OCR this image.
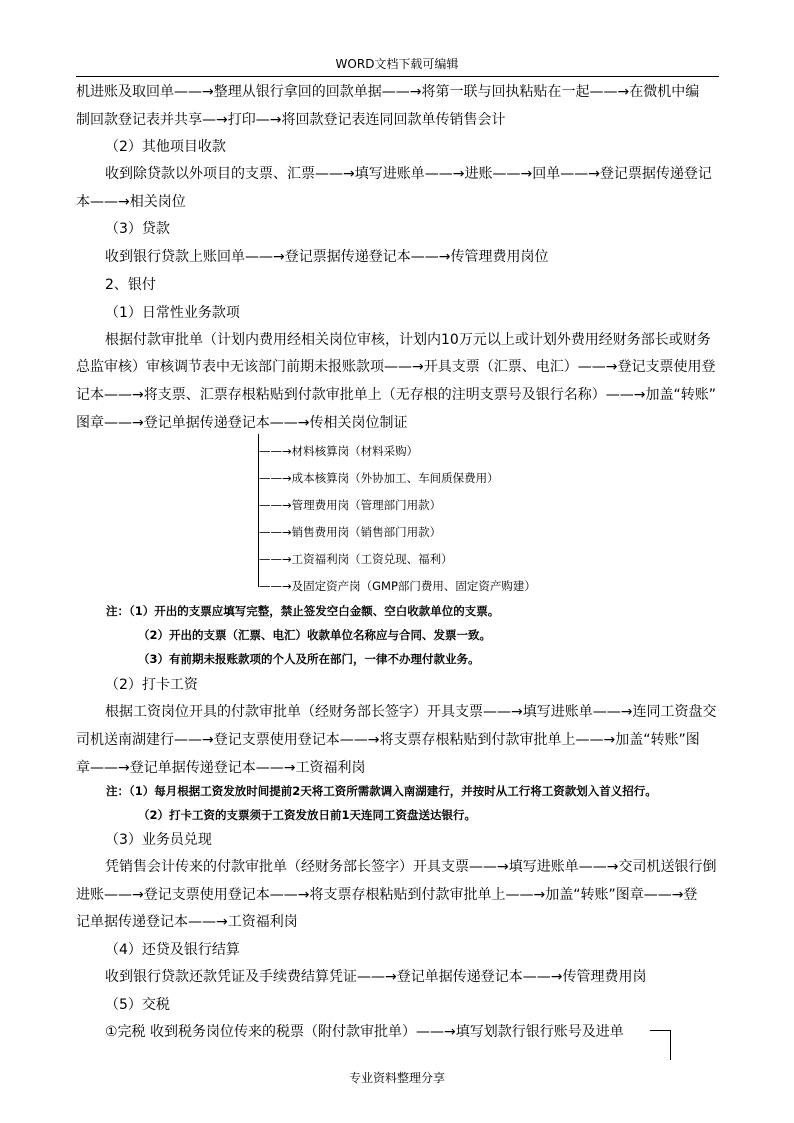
WORD文档下载可编辑
机进账及取回单——→整理从银行拿回的回款单据——→将第一联与回执粘贴在一起——→在微机中编
制回款登记表并共享—→打印—→将回款登记表连同回款单传销售会计
（2）其他项目收款
收到除贷款以外项目的支票、汇票——→填写进账单——→进账——→回单——→登记票据传递登记
本——→相关岗位
（3）贷款
收到银行贷款上账回单——→登记票据传递登记本——→传管理费用岗位
2、银付
（1）日常性业务款项
根据付款审批单（计划内费用经相关岗位审核，计划内10万元以上或计划外费用经财务部长或财务
总监审核）审核调节表中无该部门前期未报账款项——→开具支票（汇票、电汇）——→登记支票使用登
记本——→将支票、汇票存根粘贴到付款审批单上（无存根的注明支票号及银行名称）——→加盖“转账”
图章——→登记单据传递登记本——→传相关岗位制证
——→材料核算岗（材料采购）
——→成本核算岗（外协加工、车间质保费用）
——→管理费用岗（管理部门用款）
——→销售费用岗（销售部门用款）
——→工资福利岗（工资兑现、福利）
——→及固定资产岗（GMP部门费用、固定资产购建）
注：（1）开出的支票应填写完整，禁止签发空白金额、空白收款单位的支票。
（2）开出的支票（汇票、电汇）收款单位名称应与合同、发票一致。
（3）有前期未报账款项的个人及所在部门，一律不办理付款业务。
（2）打卡工资
根据工资岗位开具的付款审批单（经财务部长签字）开具支票——→填写进账单——→连同工资盘交
司机送南湖建行——→登记支票使用登记本——→将支票存根粘贴到付款审批单上——→加盖“转账”图
章——→登记单据传递登记本——→工资福利岗
注：（1）每月根据工资发放时间提前2天将工资所需款调入南湖建行，并按时从工行将工资款划入首义招行。
（2）打卡工资的支票须于工资发放日前1天连同工资盘送达银行。
（3）业务员兑现
凭销售会计传来的付款审批单（经财务部长签字）开具支票——→填写进账单——→交司机送银行倒
进账——→登记支票使用登记本——→将支票存根粘贴到付款审批单上——→加盖“转账”图章——→登
记单据传递登记本——→工资福利岗
（4）还贷及银行结算
收到银行贷款还款凭证及手续费结算凭证——→登记单据传递登记本——→传管理费用岗
（5）交税
①完税 收到税务岗位传来的税票（附付款审批单）——→填写划款行银行账号及进单
专业资料整理分享
